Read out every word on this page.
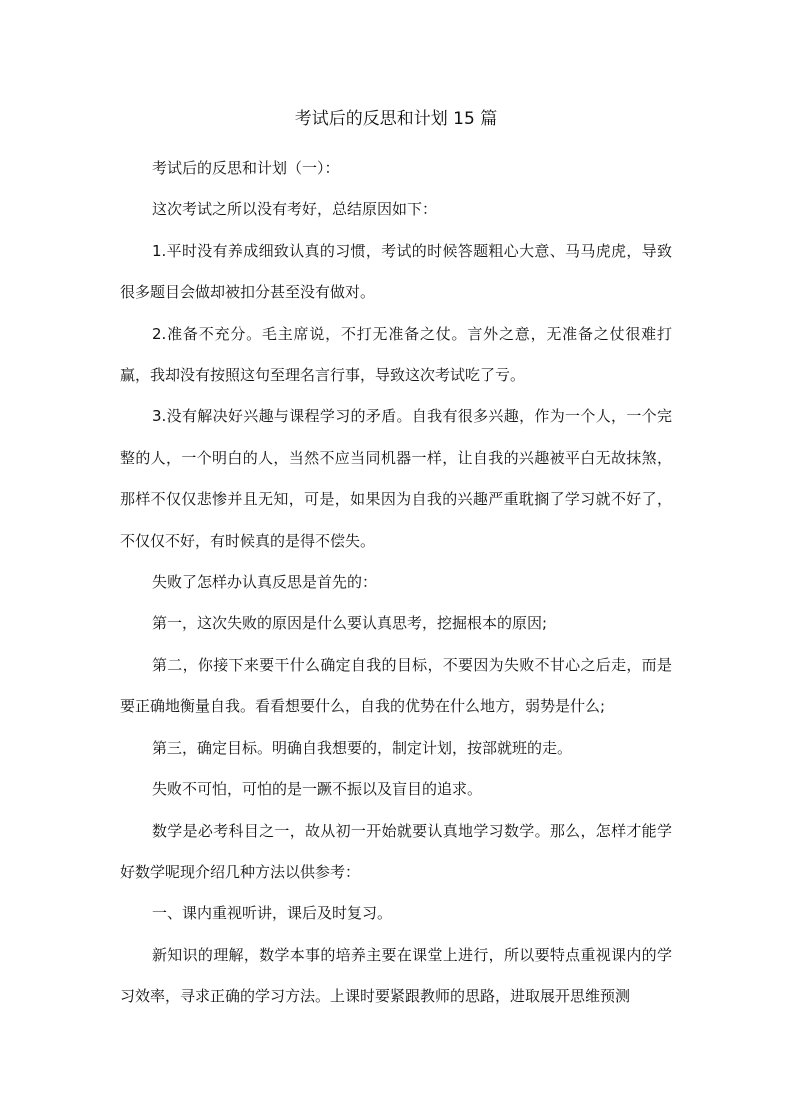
考试后的反思和计划 15 篇

考试后的反思和计划（一）：

这次考试之所以没有考好，总结原因如下：

1.平时没有养成细致认真的习惯，考试的时候答题粗心大意、马马虎虎，导致很多题目会做却被扣分甚至没有做对。

2.准备不充分。毛主席说，不打无准备之仗。言外之意，无准备之仗很难打赢，我却没有按照这句至理名言行事，导致这次考试吃了亏。

3.没有解决好兴趣与课程学习的矛盾。自我有很多兴趣，作为一个人，一个完整的人，一个明白的人，当然不应当同机器一样，让自我的兴趣被平白无故抹煞，那样不仅仅悲惨并且无知，可是，如果因为自我的兴趣严重耽搁了学习就不好了，不仅仅不好，有时候真的是得不偿失。

失败了怎样办认真反思是首先的：

第一，这次失败的原因是什么要认真思考，挖掘根本的原因;

第二，你接下来要干什么确定自我的目标，不要因为失败不甘心之后走，而是要正确地衡量自我。看看想要什么，自我的优势在什么地方，弱势是什么;

第三，确定目标。明确自我想要的，制定计划，按部就班的走。

失败不可怕，可怕的是一蹶不振以及盲目的追求。

数学是必考科目之一，故从初一开始就要认真地学习数学。那么，怎样才能学好数学呢现介绍几种方法以供参考：

一、课内重视听讲，课后及时复习。

新知识的理解，数学本事的培养主要在课堂上进行，所以要特点重视课内的学习效率，寻求正确的学习方法。上课时要紧跟教师的思路，进取展开思维预测
